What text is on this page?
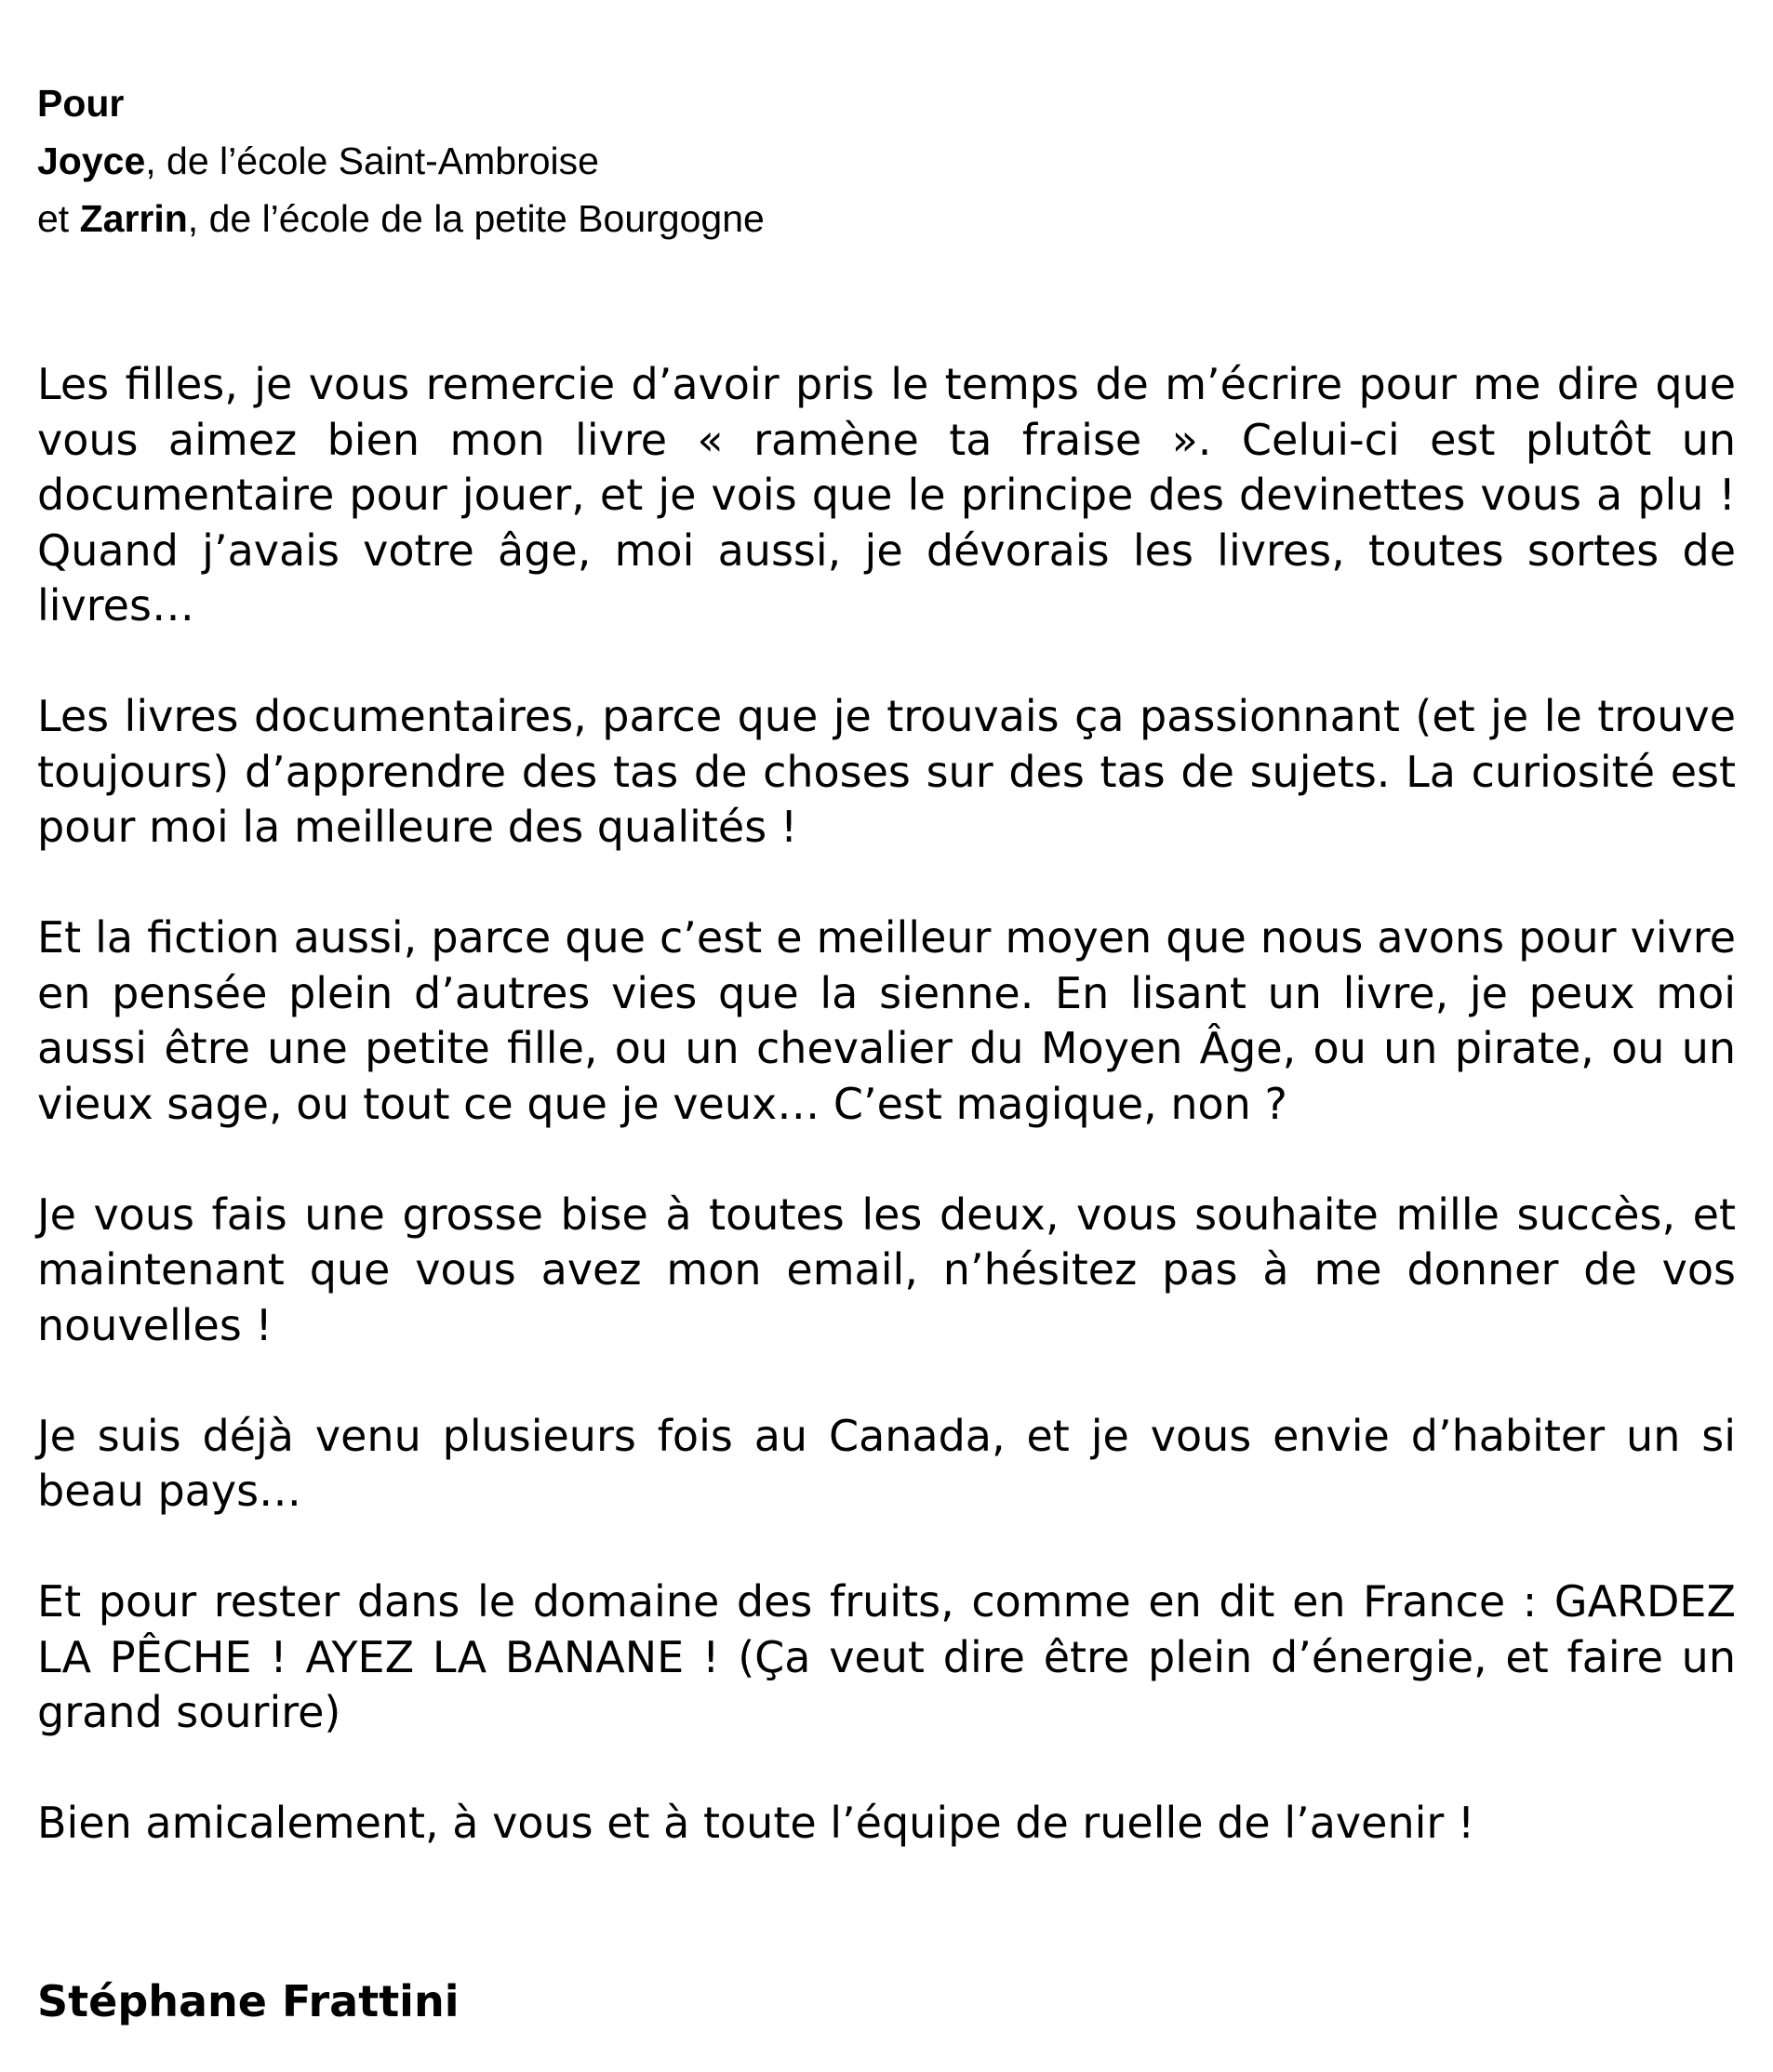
Pour
Joyce, de l’école Saint-Ambroise
et Zarrin, de l’école de la petite Bourgogne

Les filles, je vous remercie d’avoir pris le temps de m’écrire pour me dire que vous aimez bien mon livre « ramène ta fraise ». Celui-ci est plutôt un documentaire pour jouer, et je vois que le principe des devinettes vous a plu ! Quand j’avais votre âge, moi aussi, je dévorais les livres, toutes sortes de livres…

Les livres documentaires, parce que je trouvais ça passionnant (et je le trouve toujours) d’apprendre des tas de choses sur des tas de sujets. La curiosité est pour moi la meilleure des qualités !

Et la fiction aussi, parce que c’est e meilleur moyen que nous avons pour vivre en pensée plein d’autres vies que la sienne. En lisant un livre, je peux moi aussi être une petite fille, ou un chevalier du Moyen Âge, ou un pirate, ou un vieux sage, ou tout ce que je veux… C’est magique, non ?

Je vous fais une grosse bise à toutes les deux, vous souhaite mille succès, et maintenant que vous avez mon email, n’hésitez pas à me donner de vos nouvelles !

Je suis déjà venu plusieurs fois au Canada, et je vous envie d’habiter un si beau pays…

Et pour rester dans le domaine des fruits, comme en dit en France : GARDEZ LA PÊCHE ! AYEZ LA BANANE ! (Ça veut dire être plein d’énergie, et faire un grand sourire)

Bien amicalement, à vous et à toute l’équipe de ruelle de l’avenir !

Stéphane Frattini
